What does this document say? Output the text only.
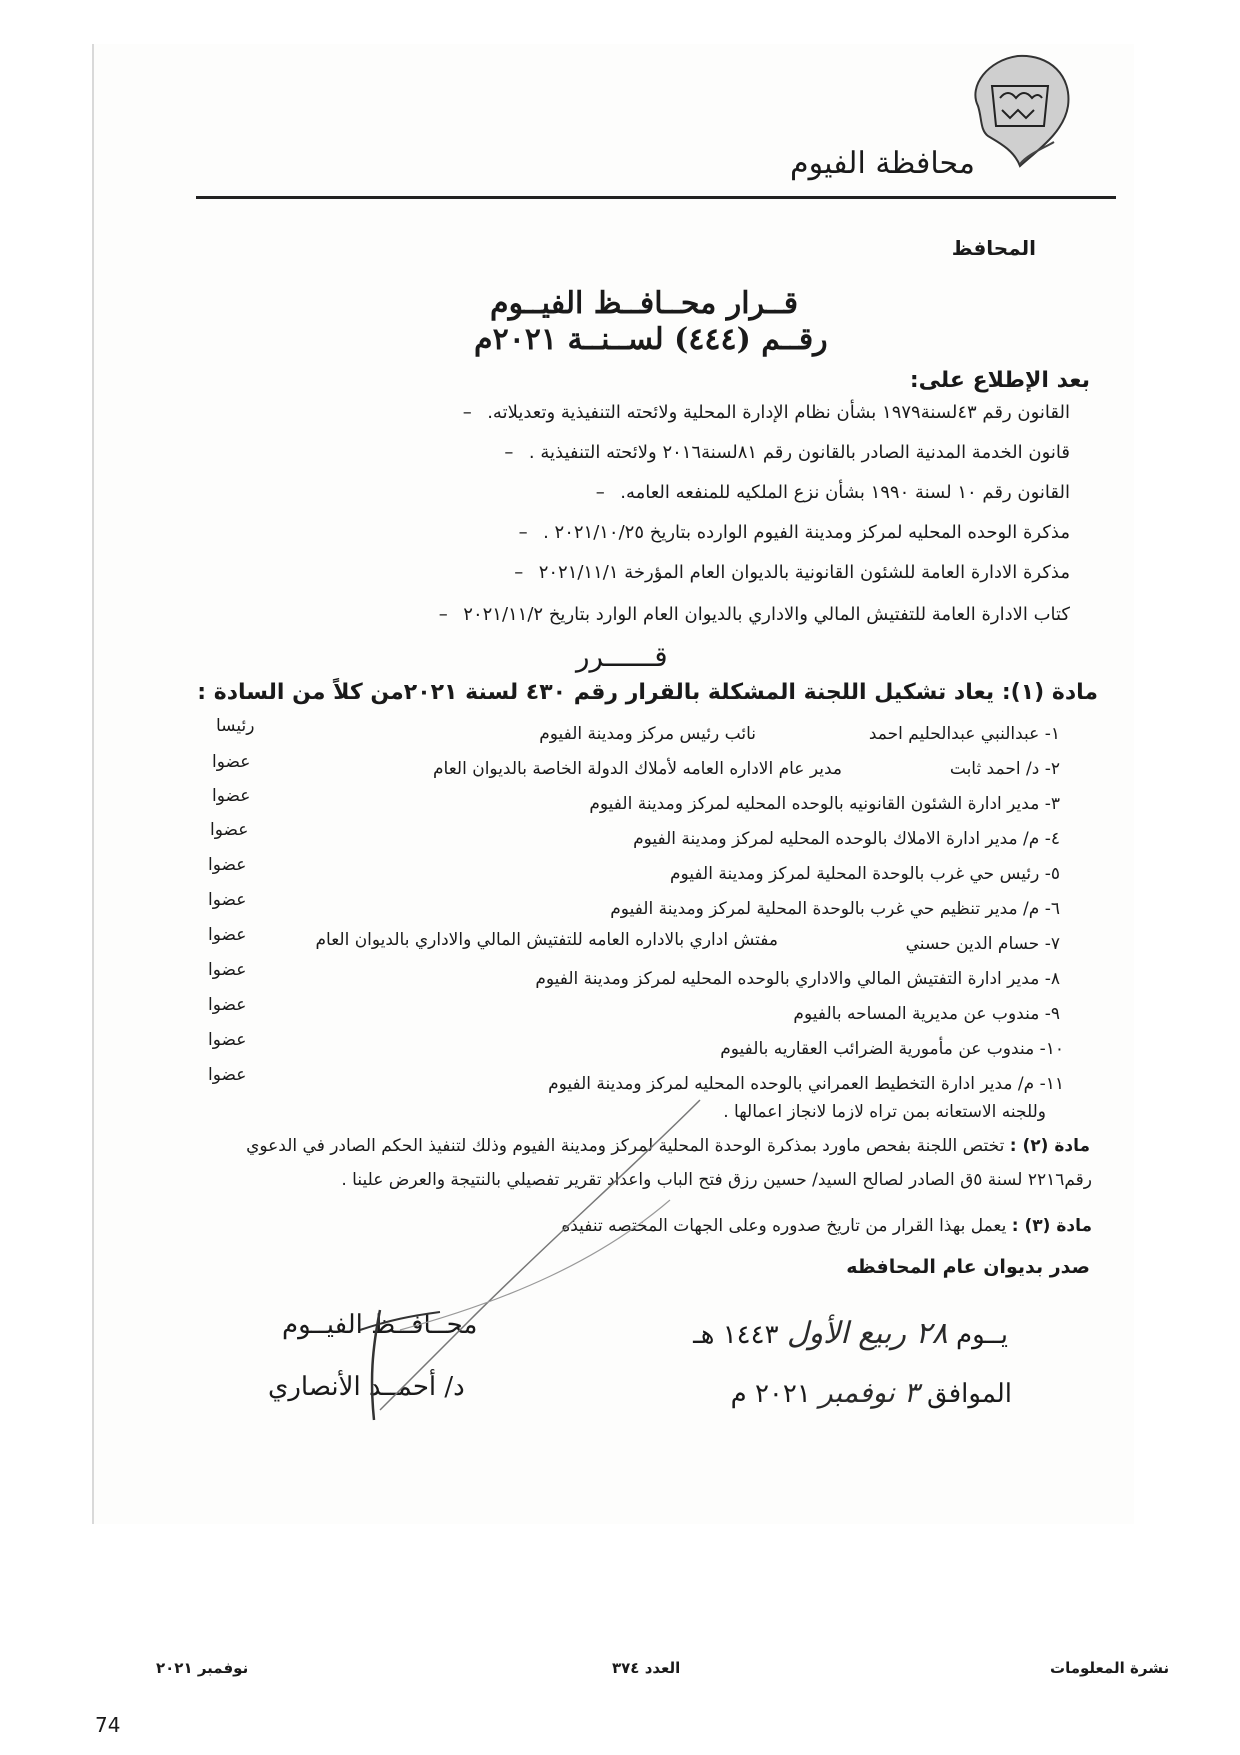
محافظة الفيوم
المحافظ
قــرار محــافــظ الفيــوم
رقــم (٤٤٤) لســنــة ٢٠٢١م
بعد الإطلاع على:
القانون رقم ٤٣لسنة١٩٧٩ بشأن نظام الإدارة المحلية ولائحته التنفيذية وتعديلاته.–
قانون الخدمة المدنية الصادر بالقانون رقم ٨١لسنة٢٠١٦ ولائحته التنفيذية .–
القانون رقم ١٠ لسنة ١٩٩٠ بشأن نزع الملكيه للمنفعه العامه.–
مذكرة الوحده المحليه لمركز ومدينة الفيوم الوارده بتاريخ ٢٠٢١/١٠/٢٥ .–
مذكرة الادارة العامة للشئون القانونية بالديوان العام المؤرخة ٢٠٢١/١١/١–
كتاب الادارة العامة للتفتيش المالي والاداري بالديوان العام الوارد بتاريخ ٢٠٢١/١١/٢–
قــــــرر
مادة (١): يعاد تشكيل اللجنة المشكلة بالقرار رقم ٤٣٠ لسنة ٢٠٢١من كلاً من السادة :
١- عبدالنبي عبدالحليم احمد
نائب رئيس مركز ومدينة الفيوم
رئيسا
٢- د/ احمد ثابت
مدير عام الاداره العامه لأملاك الدولة الخاصة بالديوان العام
عضوا
٣- مدير ادارة الشئون القانونيه بالوحده المحليه لمركز ومدينة الفيوم
عضوا
٤- م/ مدير ادارة الاملاك بالوحده المحليه لمركز ومدينة الفيوم
عضوا
٥- رئيس حي غرب بالوحدة المحلية لمركز ومدينة الفيوم
عضوا
٦- م/ مدير تنظيم حي غرب بالوحدة المحلية لمركز ومدينة الفيوم
عضوا
٧- حسام الدين حسني
مفتش اداري بالاداره العامه للتفتيش المالي والاداري بالديوان العام
عضوا
٨- مدير ادارة التفتيش المالي والاداري بالوحده المحليه لمركز ومدينة الفيوم
عضوا
٩- مندوب عن مديرية المساحه بالفيوم
عضوا
١٠- مندوب عن مأمورية الضرائب العقاريه بالفيوم
عضوا
١١- م/ مدير ادارة التخطيط العمراني بالوحده المحليه لمركز ومدينة الفيوم
عضوا
وللجنه الاستعانه بمن تراه لازما لانجاز اعمالها .
مادة (٢) : تختص اللجنة بفحص ماورد بمذكرة الوحدة المحلية لمركز ومدينة الفيوم وذلك لتنفيذ الحكم الصادر في الدعوي
رقم٢٢١٦ لسنة ٥ق الصادر لصالح السيد/ حسين رزق فتح الباب واعداد تقرير تفصيلي بالنتيجة والعرض علينا .
مادة (٣) : يعمل بهذا القرار من تاريخ صدوره وعلى الجهات المختصه تنفيذه
صدر بديوان عام المحافظه
يــوم ٢٨ ربيع الأول ١٤٤٣ هـ
الموافق ٣ نوفمبر ٢٠٢١ م
محــافــظ الفيــوم
د/ أحمــد الأنصاري
نشرة المعلومات
العدد ٣٧٤
نوفمبر ٢٠٢١
74
